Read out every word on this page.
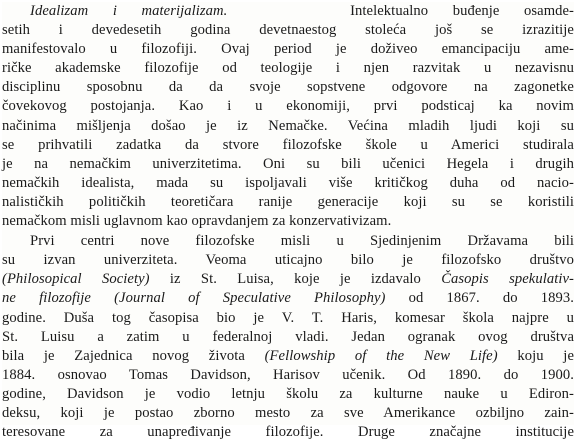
Idealizam i materijalizam.	Intelektualno buđenje osamde-
setih i devedesetih godina devetnaestog stoleća još se izrazitije
manifestovalo u filozofiji. Ovaj period je doživeo emancipaciju ame-
ričke akademske filozofije od teologije i njen razvitak u nezavisnu
disciplinu sposobnu da da svoje sopstvene odgovore na zagonetke
čovekovog postojanja. Kao i u ekonomiji, prvi podsticaj ka novim
načinima mišljenja došao je iz Nemačke. Većina mladih ljudi koji su
se prihvatili zadatka da stvore filozofske škole u Americi studirala
je na nemačkim univerzitetima. Oni su bili učenici Hegela i drugih
nemačkih idealista, mada su ispoljavali više kritičkog duha od nacio-
nalističkih političkih teoretičara ranije generacije koji su se koristili
nemačkom misli uglavnom kao opravdanjem za konzervativizam.
Prvi centri nove filozofske misli u Sjedinjenim Državama bili
su izvan univerziteta. Veoma uticajno bilo je filozofsko društvo
(Philosopical Society) iz St. Luisa, koje je izdavalo Časopis spekulativ-
ne filozofije (Journal of Speculative Philosophy) od 1867. do 1893.
godine. Duša tog časopisa bio je V. T. Haris, komesar škola najpre u
St. Luisu a zatim u federalnoj vladi. Jedan ogranak ovog društva
bila je Zajednica novog života (Fellowship of the New Life) koju je
1884. osnovao Tomas Davidson, Harisov učenik. Od 1890. do 1900.
godine, Davidson je vodio letnju školu za kulturne nauke u Ediron-
deksu, koji je postao zborno mesto za sve Amerikance ozbiljno zain-
teresovane za unapređivanje filozofije. Druge značajne institucije
